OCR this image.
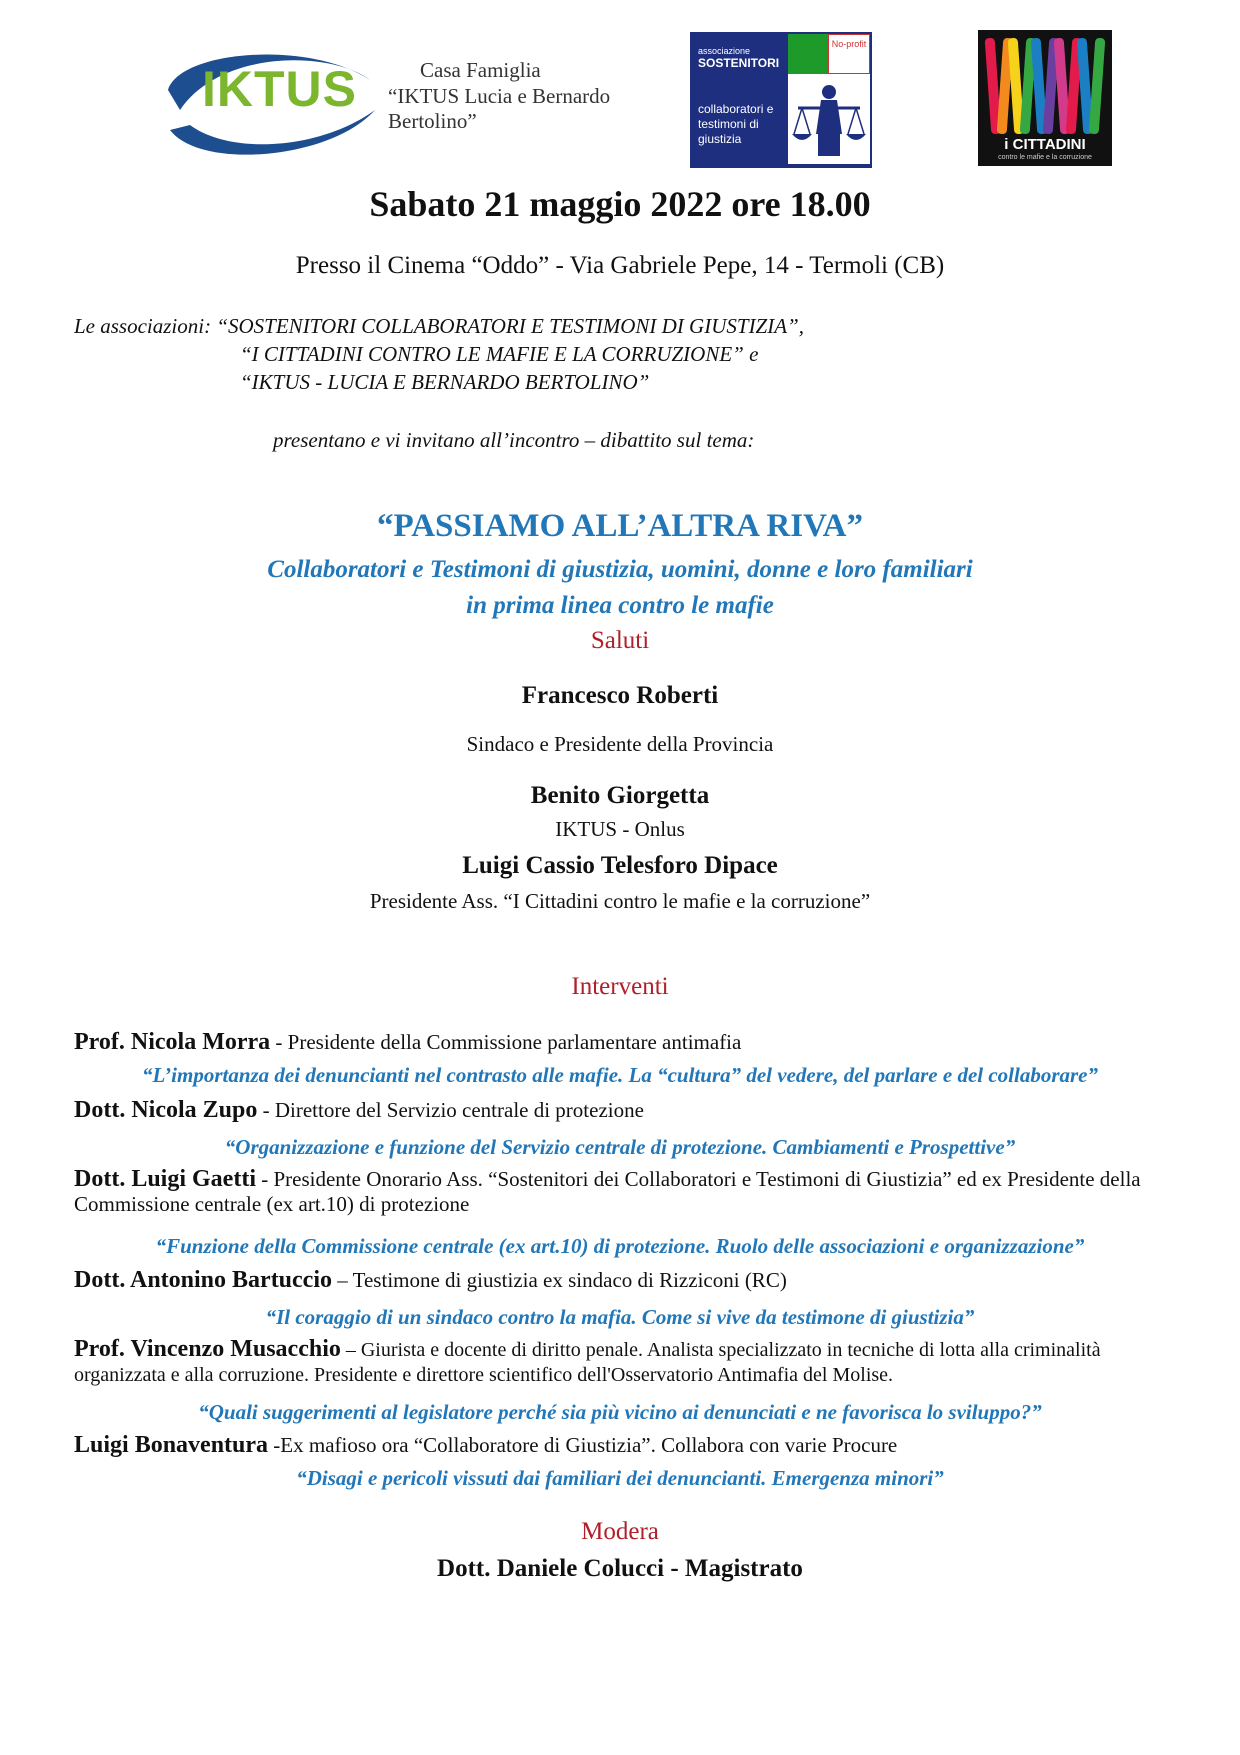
IKTUS	Casa Famiglia
“IKTUS Lucia e Bernardo Bertolino”
No-profit
associazione
SOSTENITORI
collaboratori e testimoni di giustizia	i CITTADINI
contro le mafie e la corruzione
Sabato 21 maggio 2022 ore 18.00
Presso il Cinema “Oddo” - Via Gabriele Pepe, 14 - Termoli (CB)
Le associazioni: “SOSTENITORI COLLABORATORI E TESTIMONI DI GIUSTIZIA”,
“I CITTADINI CONTRO LE MAFIE E LA CORRUZIONE” e
“IKTUS - LUCIA E BERNARDO BERTOLINO”
presentano e vi invitano all’incontro – dibattito sul tema:
“PASSIAMO ALL’ALTRA RIVA”
Collaboratori e Testimoni di giustizia, uomini, donne e loro familiari
in prima linea contro le mafie
Saluti
Francesco Roberti
Sindaco e Presidente della Provincia
Benito Giorgetta
IKTUS - Onlus
Luigi Cassio Telesforo Dipace
Presidente Ass. “I Cittadini contro le mafie e la corruzione”
Interventi
Prof. Nicola Morra - Presidente della Commissione parlamentare antimafia
“L’importanza dei denuncianti nel contrasto alle mafie. La “cultura” del vedere, del parlare e del collaborare”
Dott. Nicola Zupo - Direttore del Servizio centrale di protezione
“Organizzazione e funzione del Servizio centrale di protezione. Cambiamenti e Prospettive”
Dott. Luigi Gaetti - Presidente Onorario Ass. “Sostenitori dei Collaboratori e Testimoni di Giustizia” ed ex Presidente della Commissione centrale (ex art.10) di protezione
“Funzione della Commissione centrale (ex art.10) di protezione. Ruolo delle associazioni e organizzazione”
Dott. Antonino Bartuccio – Testimone di giustizia ex sindaco di Rizziconi (RC)
“Il coraggio di un sindaco contro la mafia. Come si vive da testimone di giustizia”
Prof. Vincenzo Musacchio – Giurista e docente di diritto penale. Analista specializzato in tecniche di lotta alla criminalità organizzata e alla corruzione. Presidente e direttore scientifico dell'Osservatorio Antimafia del Molise.
“Quali suggerimenti al legislatore perché sia più vicino ai denunciati e ne favorisca lo sviluppo?”
Luigi Bonaventura -Ex mafioso ora “Collaboratore di Giustizia”. Collabora con varie Procure
“Disagi e pericoli vissuti dai familiari dei denuncianti. Emergenza minori”
Modera
Dott. Daniele Colucci - Magistrato
